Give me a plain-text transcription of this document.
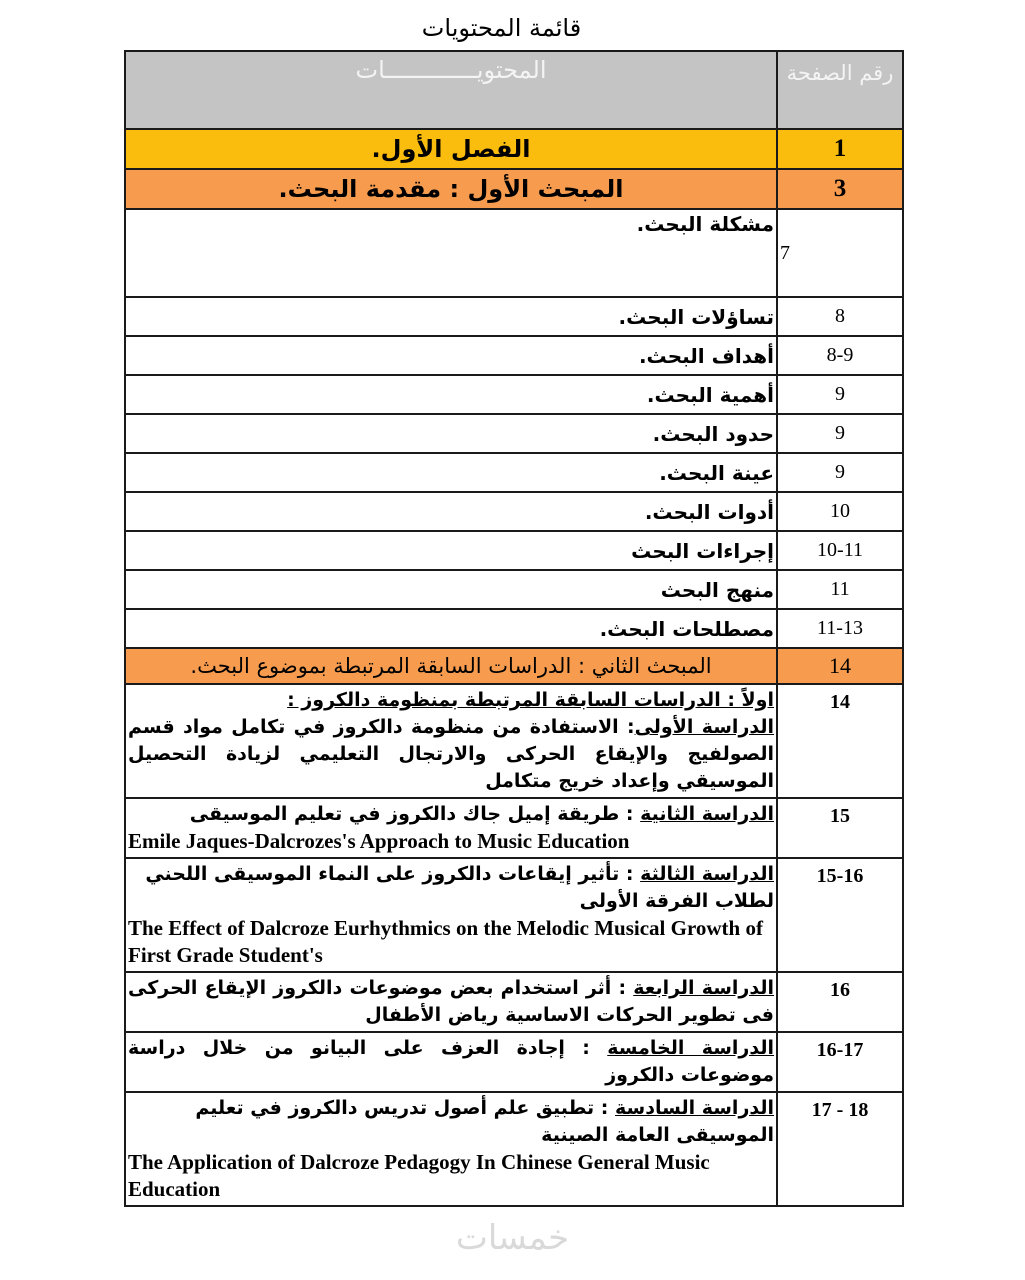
قائمة المحتويات
رقم الصفحة	المحتويـــــــــــــات
1	الفصل الأول.
3	المبحث الأول : مقدمة البحث.
7	مشكلة البحث.
8	تساؤلات البحث.
8-9	أهداف البحث.
9	أهمية البحث.
9	حدود البحث.
9	عينة البحث.
10	أدوات البحث.
10-11	إجراءات البحث
11	منهج البحث
11-13	مصطلحات البحث.
14	المبحث الثاني : الدراسات السابقة المرتبطة بموضوع البحث.
14	اولاً : الدراسات السابقة المرتبطة بمنظومة دالكروز :
الدراسة الأولى: الاستفادة من منظومة دالكروز في تكامل مواد قسم الصولفيج والإيقاع الحركى والارتجال التعليمي لزيادة التحصيل الموسيقي وإعداد خريج متكامل

15	الدراسة الثانية : طريقة إميل جاك دالكروز في تعليم الموسيقى
Emile Jaques-Dalcrozes's Approach to Music Education

15-16	الدراسة الثالثة : تأثير إيقاعات دالكروز على النماء الموسيقى اللحني لطلاب الفرقة الأولى
The Effect of Dalcroze Eurhythmics on the Melodic Musical Growth of First Grade Student's

16	الدراسة الرابعة : أثر استخدام بعض موضوعات دالكروز الإيقاع الحركى فى تطوير الحركات الاساسية رياض الأطفال

16-17	الدراسة الخامسة : إجادة العزف على البيانو من خلال دراسة موضوعات دالكروز

18 - 17	الدراسة السادسة : تطبيق علم أصول تدريس دالكروز في تعليم الموسيقى العامة الصينية
The Application of Dalcroze Pedagogy In Chinese General Music Education
خمسات
